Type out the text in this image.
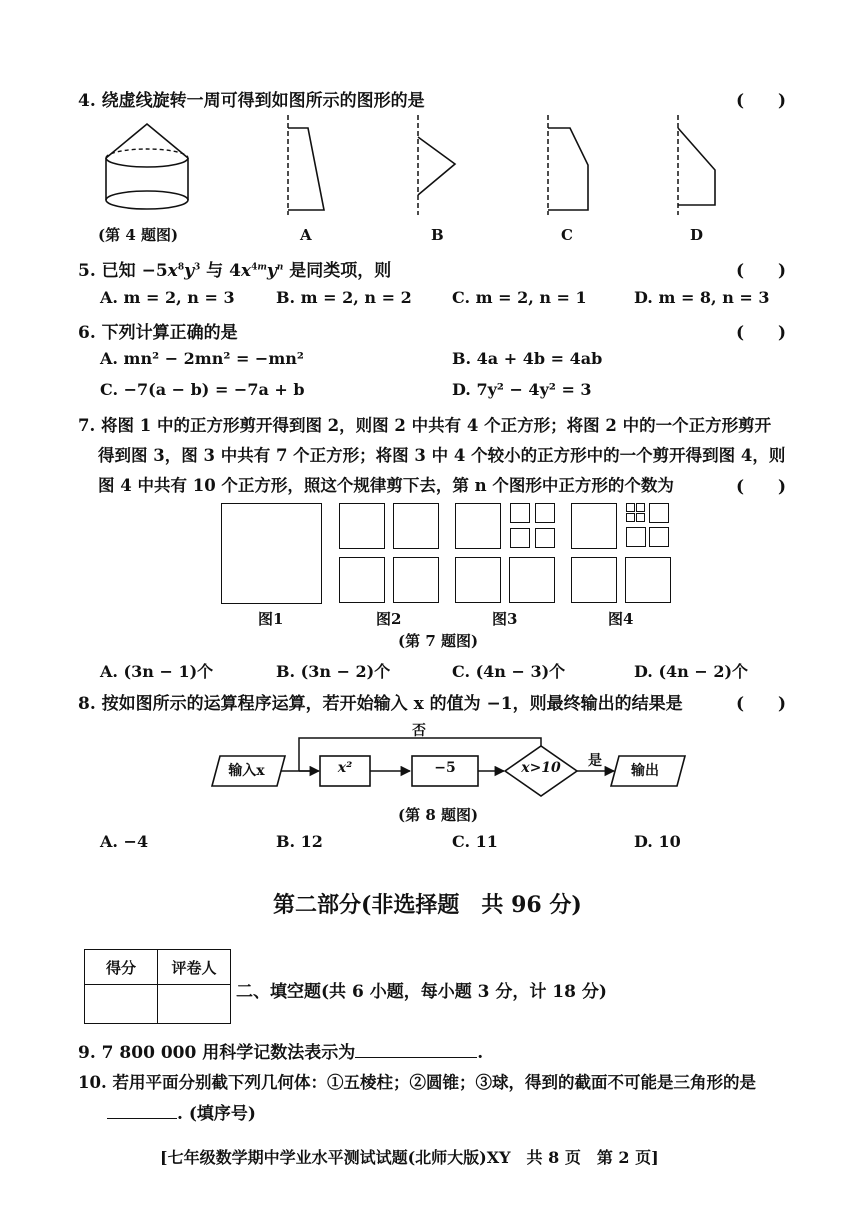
4. 绕虚线旋转一周可得到如图所示的图形的是	(　　)
(第 4 题图)	A	B	C	D
5. 已知 $-5x^8y^3$ 与 $4x^{4m}y^n$ 是同类项，则	(　　)
A. m = 2, n = 3	B. m = 2, n = 2	C. m = 2, n = 1	D. m = 8, n = 3
6. 下列计算正确的是	(　　)
A. mn² − 2mn² = −mn²	B. 4a + 4b = 4ab
C. −7(a − b) = −7a + b	D. 7y² − 4y² = 3
7. 将图 1 中的正方形剪开得到图 2，则图 2 中共有 4 个正方形；将图 2 中的一个正方形剪开
得到图 3，图 3 中共有 7 个正方形；将图 3 中 4 个较小的正方形中的一个剪开得到图 4，则
图 4 中共有 10 个正方形，照这个规律剪下去，第 n 个图形中正方形的个数为	(　　)
图1	图2	图3	图4
(第 7 题图)
A. (3n − 1)个	B. (3n − 2)个	C. (4n − 3)个	D. (4n − 2)个
8. 按如图所示的运算程序运算，若开始输入 x 的值为 −1，则最终输出的结果是	(　　)
输入x	x²	−5	x>10	是
否
输出
(第 8 题图)
A. −4	B. 12	C. 11	D. 10
第二部分(非选择题　共 96 分)
得分	评卷人

二、填空题(共 6 小题，每小题 3 分，计 18 分)
9. 7 800 000 用科学记数法表示为	.
10. 若用平面分别截下列几何体：①五棱柱；②圆锥；③球，得到的截面不可能是三角形的是
. (填序号)
[七年级数学期中学业水平测试试题(北师大版)XY　共 8 页　第 2 页]
